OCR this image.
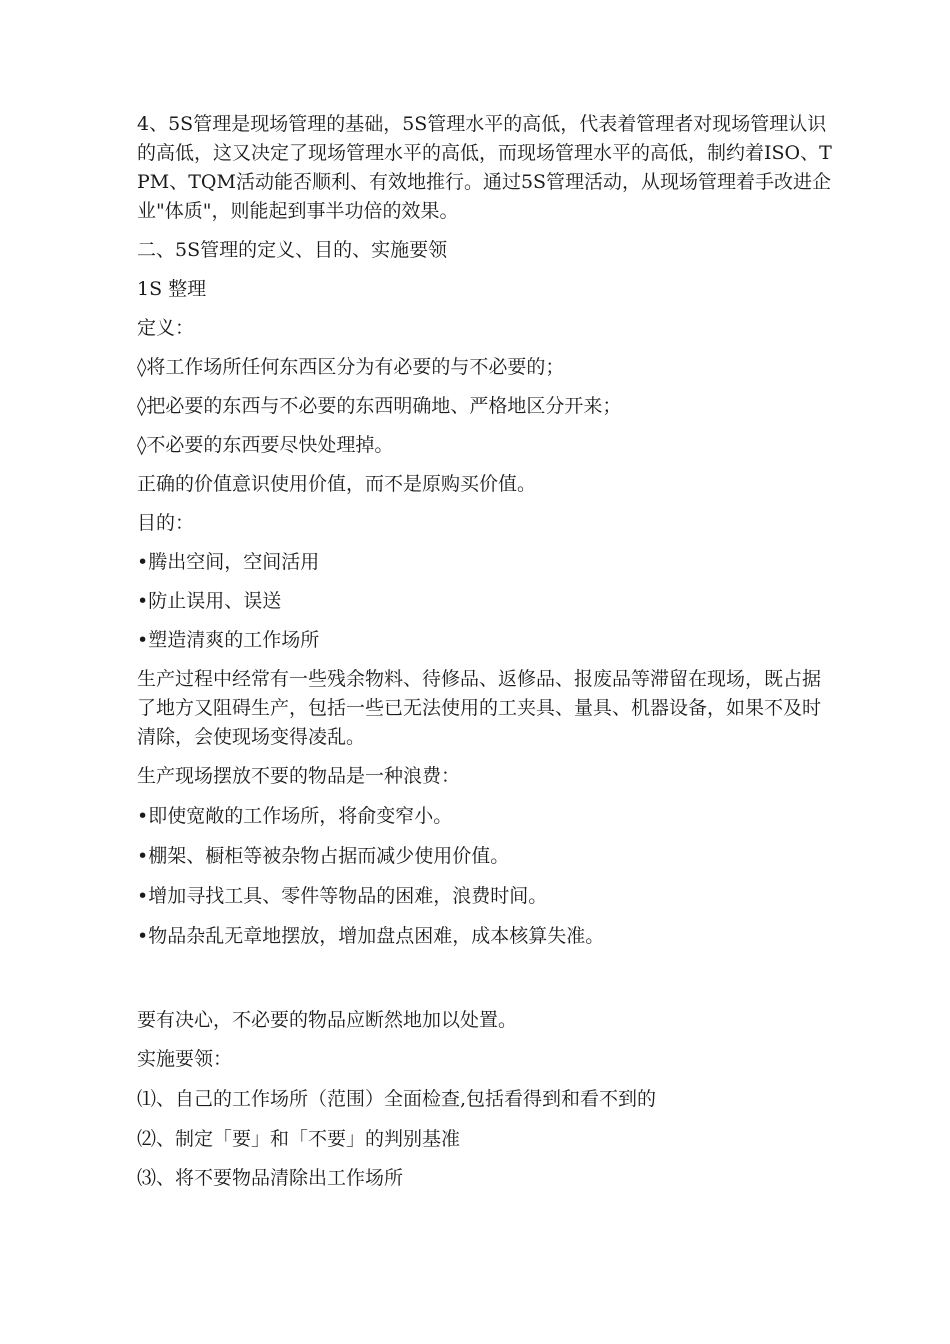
4、5S管理是现场管理的基础，5S管理水平的高低，代表着管理者对现场管理认识的高低，这又决定了现场管理水平的高低，而现场管理水平的高低，制约着ISO、TPM、TQM活动能否顺利、有效地推行。通过5S管理活动，从现场管理着手改进企业"体质"，则能起到事半功倍的效果。

二、5S管理的定义、目的、实施要领

1S 整理

定义：

◊将工作场所任何东西区分为有必要的与不必要的；

◊把必要的东西与不必要的东西明确地、严格地区分开来；

◊不必要的东西要尽快处理掉。

正确的价值意识使用价值，而不是原购买价值。

目的：

•腾出空间，空间活用

•防止误用、误送

•塑造清爽的工作场所

生产过程中经常有一些残余物料、待修品、返修品、报废品等滞留在现场，既占据了地方又阻碍生产，包括一些已无法使用的工夹具、量具、机器设备，如果不及时清除，会使现场变得凌乱。

生产现场摆放不要的物品是一种浪费：

•即使宽敞的工作场所，将俞变窄小。

•棚架、橱柜等被杂物占据而减少使用价值。

•增加寻找工具、零件等物品的困难，浪费时间。

•物品杂乱无章地摆放，增加盘点困难，成本核算失准。

要有决心，不必要的物品应断然地加以处置。

实施要领：

⑴、自己的工作场所（范围）全面检查,包括看得到和看不到的

⑵、制定「要」和「不要」的判别基准

⑶、将不要物品清除出工作场所
